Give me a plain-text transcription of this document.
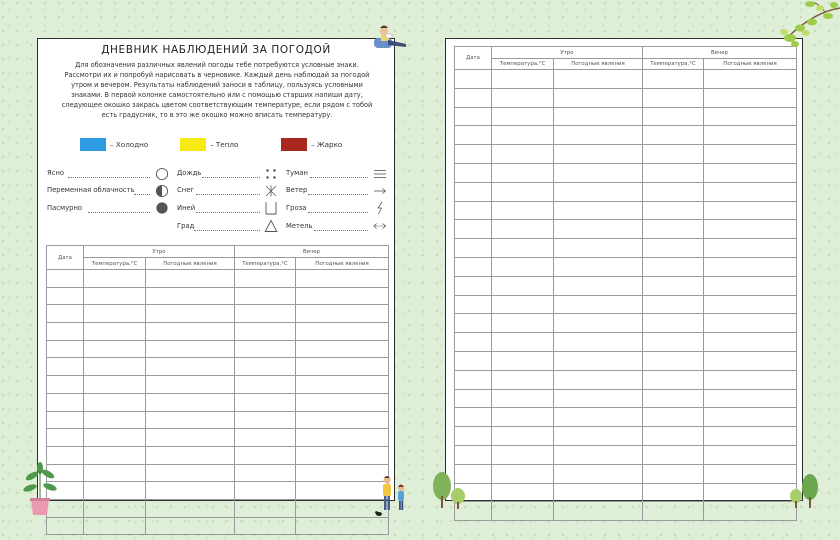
ДНЕВНИК НАБЛЮДЕНИЙ ЗА ПОГОДОЙ
Для обозначения различных явлений погоды тебе потребуются условные знаки.
Рассмотри их и попробуй нарисовать в черновике. Каждый день наблюдай за погодой
утром и вечером. Результаты наблюдений заноси в таблицу, пользуясь условными
знаками. В первой колонке самостоятельно или с помощью старших напиши дату,
следующее окошко закрась цветом соответствующим температуре, если рядом с тобой
есть градусник, то в это же окошко можно вписать температуру.
– Холодно	– Тепло	– Жарко
Ясно
Переменная облачность
Пасмурно
Дождь
Снег
Иней
Град
Туман
Ветер
Гроза
Метель
Дата	Утро		Вечер	
	Температура,°С	Погодные явления	Температура,°С	Погодные явления

Дата	Утро		Вечер	
	Температура,°С	Погодные явления	Температура,°С	Погодные явления
